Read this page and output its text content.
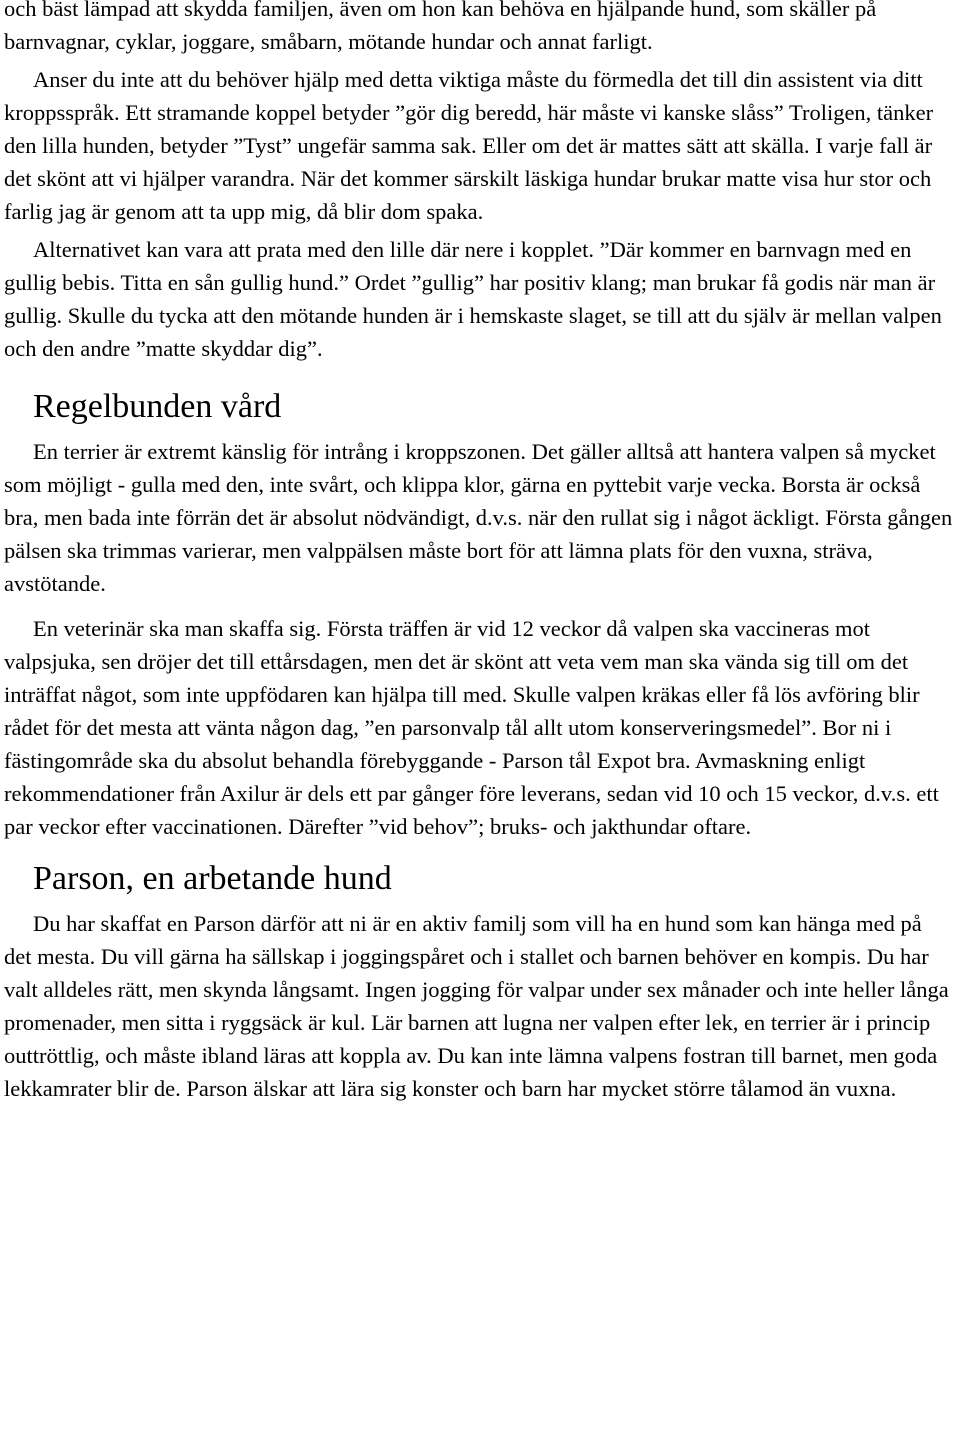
och bäst lämpad att skydda familjen, även om hon kan behöva en hjälpande hund, som skäller på barnvagnar, cyklar, joggare, småbarn, mötande hundar och annat farligt.

Anser du inte att du behöver hjälp med detta viktiga måste du förmedla det till din assistent via ditt kroppsspråk. Ett stramande koppel betyder ”gör dig beredd, här måste vi kanske slåss” Troligen, tänker den lilla hunden, betyder ”Tyst” ungefär samma sak. Eller om det är mattes sätt att skälla. I varje fall är det skönt att vi hjälper varandra. När det kommer särskilt läskiga hundar brukar matte visa hur stor och farlig jag är genom att ta upp mig, då blir dom spaka.

Alternativet kan vara att prata med den lille där nere i kopplet. ”Där kommer en barnvagn med en gullig bebis. Titta en sån gullig hund.” Ordet ”gullig” har positiv klang; man brukar få godis när man är gullig. Skulle du tycka att den mötande hunden är i hemskaste slaget, se till att du själv är mellan valpen och den andre ”matte skyddar dig”.

Regelbunden vård

En terrier är extremt känslig för intrång i kroppszonen. Det gäller alltså att hantera valpen så mycket som möjligt - gulla med den, inte svårt, och klippa klor, gärna en pyttebit varje vecka. Borsta är också bra, men bada inte förrän det är absolut nödvändigt, d.v.s. när den rullat sig i något äckligt. Första gången pälsen ska trimmas varierar, men valppälsen måste bort för att lämna plats för den vuxna, sträva, avstötande.

En veterinär ska man skaffa sig. Första träffen är vid 12 veckor då valpen ska vaccineras mot valpsjuka, sen dröjer det till ettårsdagen, men det är skönt att veta vem man ska vända sig till om det inträffat något, som inte uppfödaren kan hjälpa till med. Skulle valpen kräkas eller få lös avföring blir rådet för det mesta att vänta någon dag, ”en parsonvalp tål allt utom konserveringsmedel”. Bor ni i fästingområde ska du absolut behandla förebyggande - Parson tål Expot bra. Avmaskning enligt rekommendationer från Axilur är dels ett par gånger före leverans, sedan vid 10 och 15 veckor, d.v.s. ett par veckor efter vaccinationen. Därefter ”vid behov”; bruks- och jakthundar oftare.

Parson, en arbetande hund

Du har skaffat en Parson därför att ni är en aktiv familj som vill ha en hund som kan hänga med på det mesta. Du vill gärna ha sällskap i joggingspåret och i stallet och barnen behöver en kompis. Du har valt alldeles rätt, men skynda långsamt. Ingen jogging för valpar under sex månader och inte heller långa promenader, men sitta i ryggsäck är kul. Lär barnen att lugna ner valpen efter lek, en terrier är i princip outtröttlig, och måste ibland läras att koppla av. Du kan inte lämna valpens fostran till barnet, men goda lekkamrater blir de. Parson älskar att lära sig konster och barn har mycket större tålamod än vuxna.
